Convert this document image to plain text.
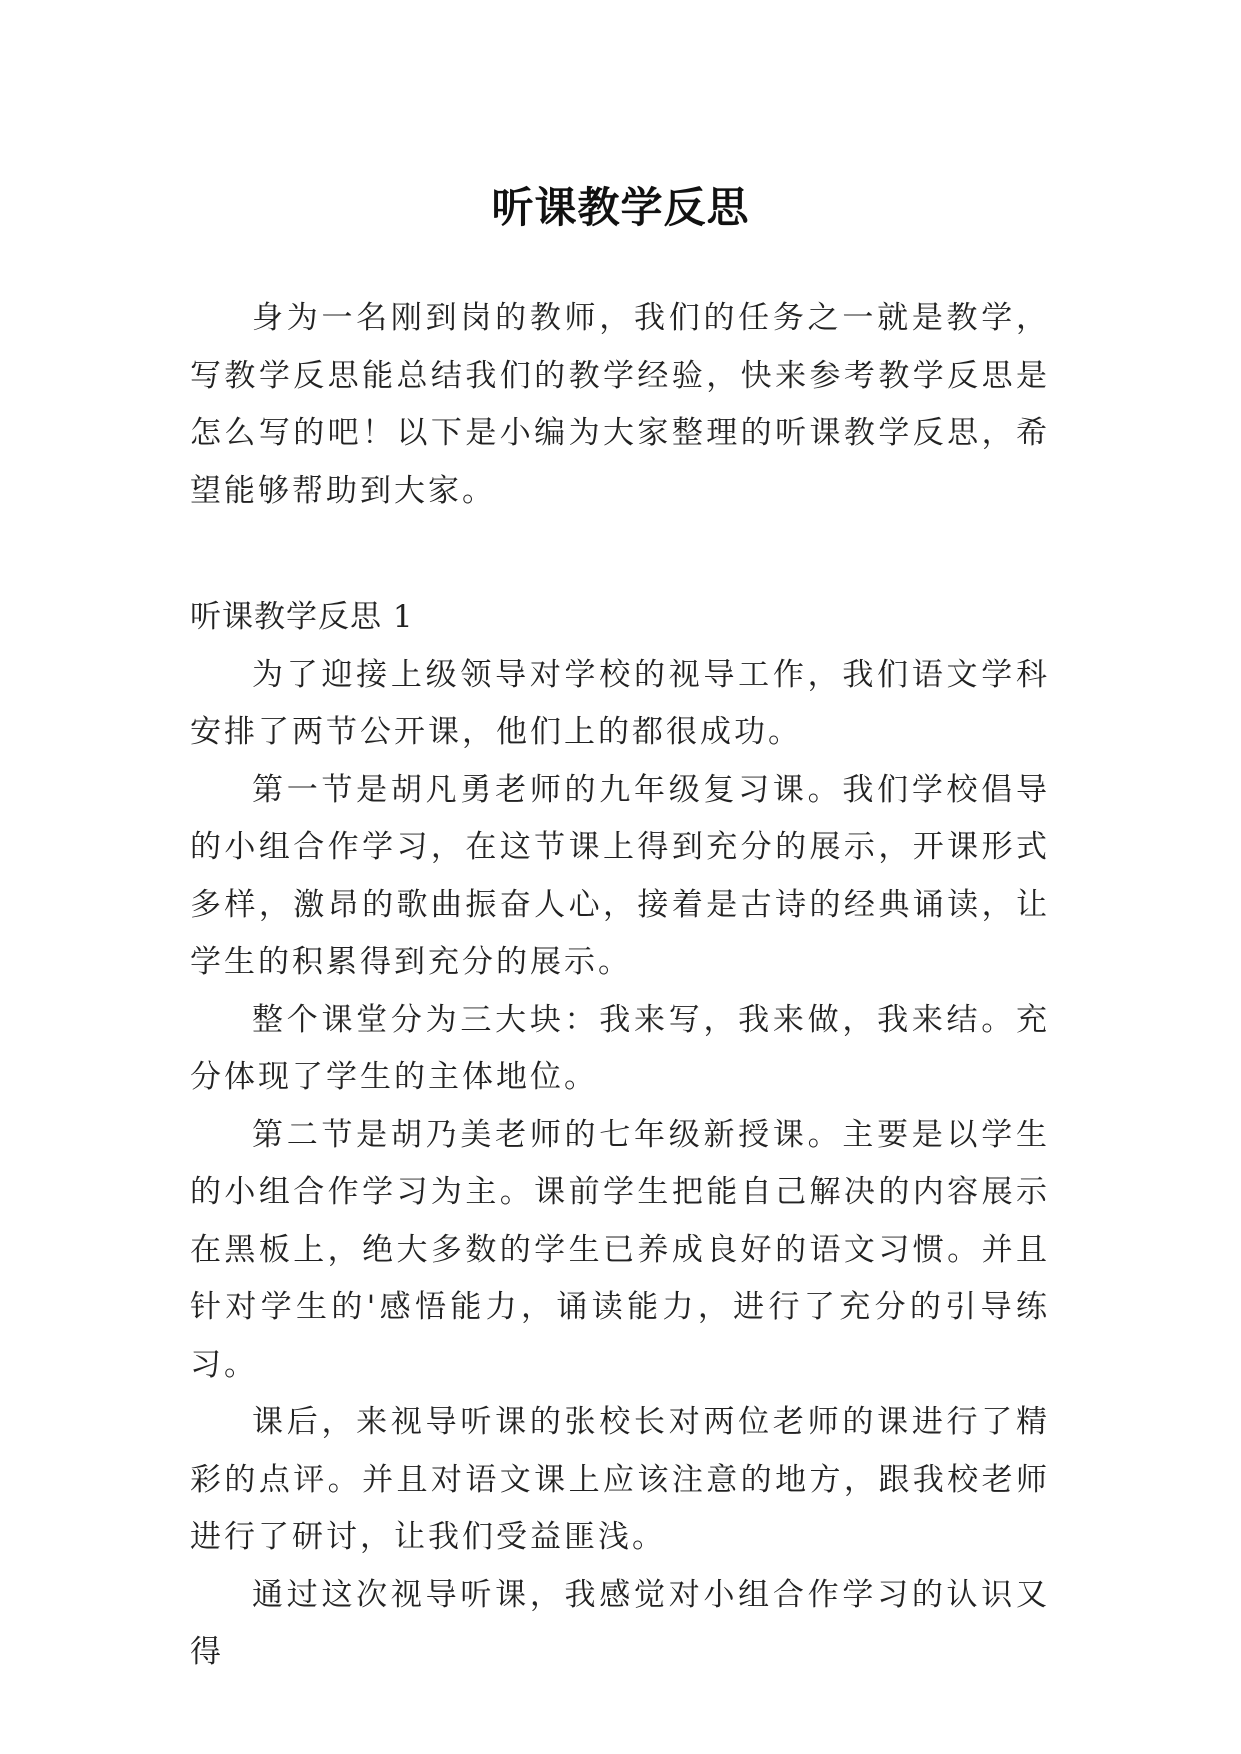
听课教学反思

身为一名刚到岗的教师，我们的任务之一就是教学，写教学反思能总结我们的教学经验，快来参考教学反思是怎么写的吧！以下是小编为大家整理的听课教学反思，希望能够帮助到大家。

听课教学反思 1

为了迎接上级领导对学校的视导工作，我们语文学科安排了两节公开课，他们上的都很成功。

第一节是胡凡勇老师的九年级复习课。我们学校倡导的小组合作学习，在这节课上得到充分的展示，开课形式多样，激昂的歌曲振奋人心，接着是古诗的经典诵读，让学生的积累得到充分的展示。

整个课堂分为三大块：我来写，我来做，我来结。充分体现了学生的主体地位。

第二节是胡乃美老师的七年级新授课。主要是以学生的小组合作学习为主。课前学生把能自己解决的内容展示在黑板上，绝大多数的学生已养成良好的语文习惯。并且针对学生的'感悟能力，诵读能力，进行了充分的引导练习。

课后，来视导听课的张校长对两位老师的课进行了精彩的点评。并且对语文课上应该注意的地方，跟我校老师进行了研讨，让我们受益匪浅。

通过这次视导听课，我感觉对小组合作学习的认识又得
